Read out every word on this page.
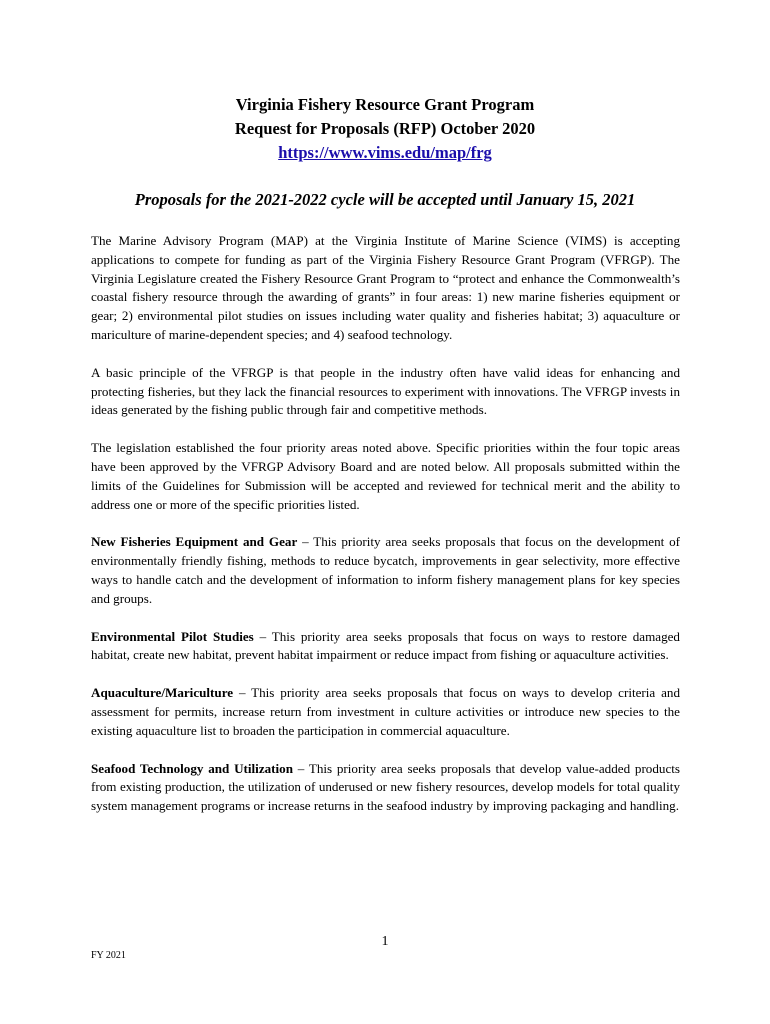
Virginia Fishery Resource Grant Program
Request for Proposals (RFP) October 2020
https://www.vims.edu/map/frg
Proposals for the 2021-2022 cycle will be accepted until January 15, 2021

The Marine Advisory Program (MAP) at the Virginia Institute of Marine Science (VIMS) is accepting applications to compete for funding as part of the Virginia Fishery Resource Grant Program (VFRGP). The Virginia Legislature created the Fishery Resource Grant Program to “protect and enhance the Commonwealth’s coastal fishery resource through the awarding of grants” in four areas: 1) new marine fisheries equipment or gear; 2) environmental pilot studies on issues including water quality and fisheries habitat; 3) aquaculture or mariculture of marine-dependent species; and 4) seafood technology.

A basic principle of the VFRGP is that people in the industry often have valid ideas for enhancing and protecting fisheries, but they lack the financial resources to experiment with innovations. The VFRGP invests in ideas generated by the fishing public through fair and competitive methods.

The legislation established the four priority areas noted above. Specific priorities within the four topic areas have been approved by the VFRGP Advisory Board and are noted below. All proposals submitted within the limits of the Guidelines for Submission will be accepted and reviewed for technical merit and the ability to address one or more of the specific priorities listed.

New Fisheries Equipment and Gear – This priority area seeks proposals that focus on the development of environmentally friendly fishing, methods to reduce bycatch, improvements in gear selectivity, more effective ways to handle catch and the development of information to inform fishery management plans for key species and groups.

Environmental Pilot Studies – This priority area seeks proposals that focus on ways to restore damaged habitat, create new habitat, prevent habitat impairment or reduce impact from fishing or aquaculture activities.

Aquaculture/Mariculture – This priority area seeks proposals that focus on ways to develop criteria and assessment for permits, increase return from investment in culture activities or introduce new species to the existing aquaculture list to broaden the participation in commercial aquaculture.

Seafood Technology and Utilization – This priority area seeks proposals that develop value-added products from existing production, the utilization of underused or new fishery resources, develop models for total quality system management programs or increase returns in the seafood industry by improving packaging and handling.

1
FY 2021
